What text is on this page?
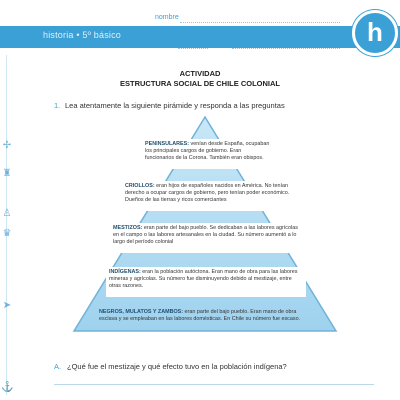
✢
♜
♙
♛
➤
⚓
historia • 5º básico
nombre
curso	fecha	h
ACTIVIDAD
ESTRUCTURA SOCIAL DE CHILE COLONIAL
1. Lea atentamente la siguiente pirámide y responda a las preguntas
PENINSULARES: venían desde España, ocupaban los principales cargos de gobierno. Eran funcionarios de la Corona. También eran obispos.
CRIOLLOS: eran hijos de españoles nacidos en América. No tenían derecho a ocupar cargos de gobierno, pero tenían poder económico. Dueños de las tierras y ricos comerciantes
MESTIZOS: eran parte del bajo pueblo. Se dedicaban a las labores agrícolas en el campo o las labores artesanales en la ciudad. Su número aumentó a lo largo del período colonial
INDÍGENAS: eran la población autóctona. Eran mano de obra para las labores mineras y agrícolas. Su número fue disminuyendo debido al mestizaje, entre otras razones.
NEGROS, MULATOS Y ZAMBOS: eran parte del bajo pueblo. Eran mano de obra esclava y se empleaban en las labores domésticas. En Chile su número fue escaso.
A. ¿Qué fue el mestizaje y qué efecto tuvo en la población indígena?
